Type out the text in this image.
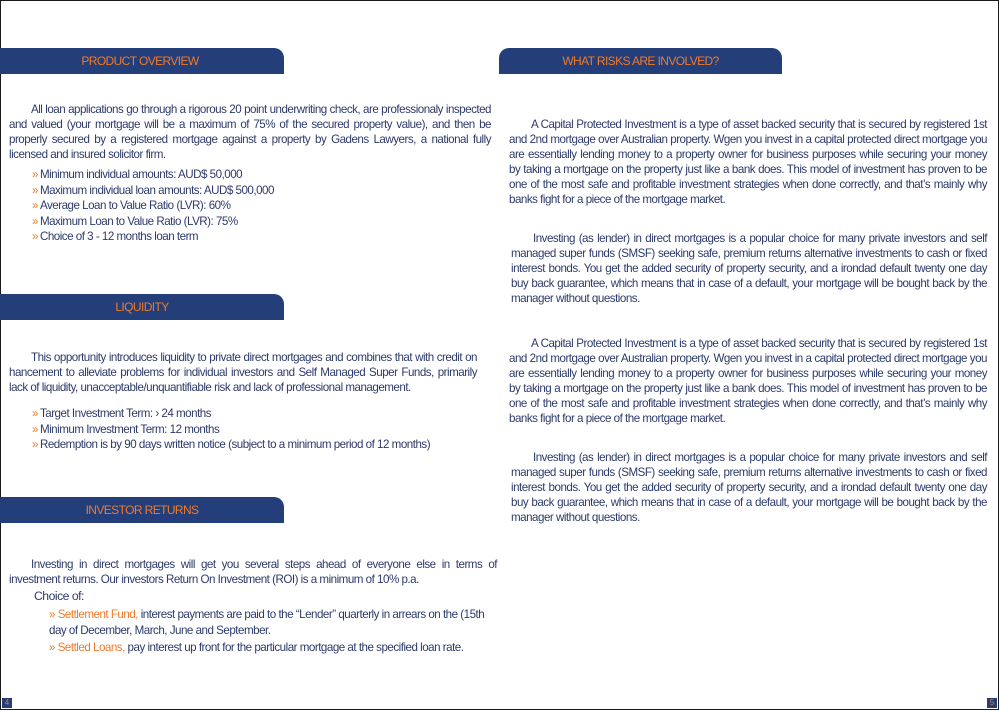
PRODUCT OVERVIEW
All loan applications go through a rigorous 20 point underwriting check, are professionaly inspected and valued (your mortgage will be a maximum of 75% of the secured property value), and then be properly secured by a registered mortgage against a property by Gadens Lawyers, a national fully licensed and insured solicitor firm.
» Minimum individual amounts: AUD$ 50,000
» Maximum individual loan amounts: AUD$ 500,000
» Average Loan to Value Ratio (LVR): 60%
» Maximum Loan to Value Ratio (LVR): 75%
» Choice of 3 - 12 months loan term
LIQUIDITY
This opportunity introduces liquidity to private direct mortgages and combines that with credit on hancement to alleviate problems for individual investors and Self Managed Super Funds, primarily lack of liquidity, unacceptable/unquantifiable risk and lack of professional management.
» Target Investment Term: › 24 months
» Minimum Investment Term: 12 months
» Redemption is by 90 days written notice (subject to a minimum period of 12 months)
INVESTOR RETURNS
Investing in direct mortgages will get you several steps ahead of everyone else in terms of investment returns. Our investors Return On Investment (ROI) is a minimum of 10% p.a.
Choice of:
» Settlement Fund, interest payments are paid to the “Lender” quarterly in arrears on the (15th day of December, March, June and September.
» Settled Loans, pay interest up front for the particular mortgage at the specified loan rate.
4
WHAT RISKS ARE INVOLVED?
A Capital Protected Investment is a type of asset backed security that is secured by registered 1st and 2nd mortgage over Australian property. Wgen you invest in a capital protected direct mortgage you are essentially lending money to a property owner for business purposes while securing your money by taking a mortgage on the property just like a bank does. This model of investment has proven to be one of the most safe and profitable investment strategies when done correctly, and that’s mainly why banks fight for a piece of the mortgage market.
Investing (as lender) in direct mortgages is a popular choice for many private investors and self managed super funds (SMSF) seeking safe, premium returns alternative investments to cash or fixed interest bonds. You get the added security of property security, and a irondad default twenty one day buy back guarantee, which means that in case of a default, your mortgage will be bought back by the manager without questions.
A Capital Protected Investment is a type of asset backed security that is secured by registered 1st and 2nd mortgage over Australian property. Wgen you invest in a capital protected direct mortgage you are essentially lending money to a property owner for business purposes while securing your money by taking a mortgage on the property just like a bank does. This model of investment has proven to be one of the most safe and profitable investment strategies when done correctly, and that’s mainly why banks fight for a piece of the mortgage market.
Investing (as lender) in direct mortgages is a popular choice for many private investors and self managed super funds (SMSF) seeking safe, premium returns alternative investments to cash or fixed interest bonds. You get the added security of property security, and a irondad default twenty one day buy back guarantee, which means that in case of a default, your mortgage will be bought back by the manager without questions.
5
